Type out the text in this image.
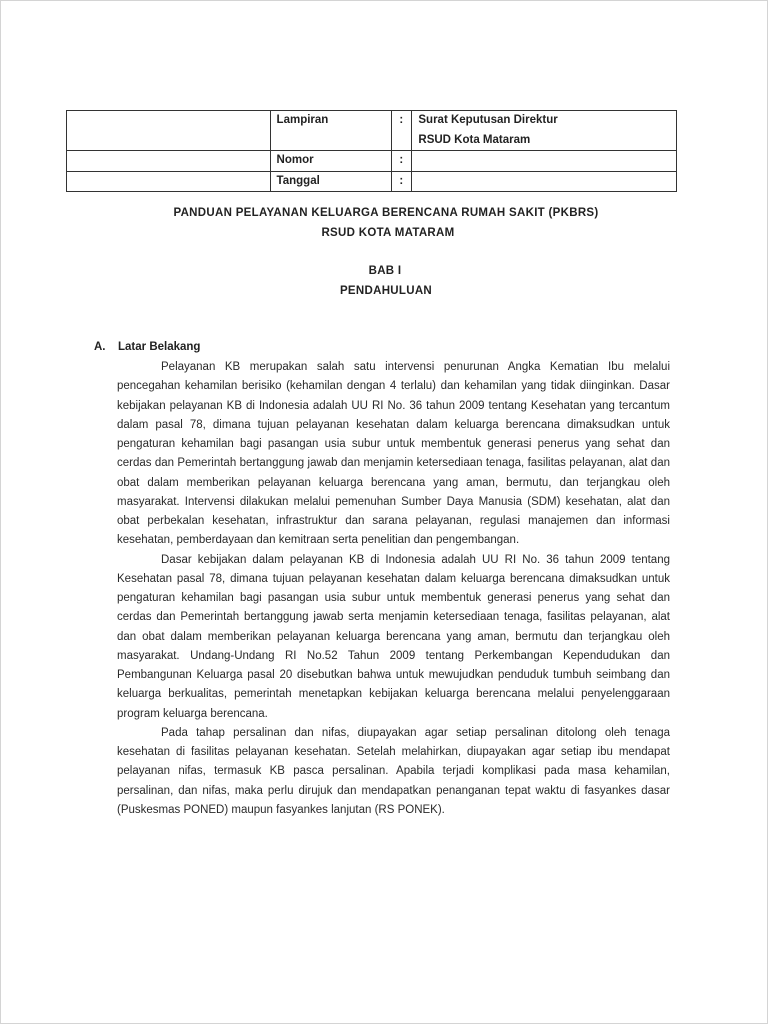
	Lampiran	:	Surat Keputusan Direktur
RSUD Kota Mataram

	Nomor	:	
	Tanggal	:	
PANDUAN PELAYANAN KELUARGA BERENCANA RUMAH SAKIT (PKBRS)
RSUD KOTA MATARAM
BAB I
PENDAHULUAN
A. Latar Belakang

Pelayanan KB merupakan salah satu intervensi penurunan Angka Kematian Ibu melalui pencegahan kehamilan berisiko (kehamilan dengan 4 terlalu) dan kehamilan yang tidak diinginkan. Dasar kebijakan pelayanan KB di Indonesia adalah UU RI No. 36 tahun 2009 tentang Kesehatan yang tercantum dalam pasal 78, dimana tujuan pelayanan kesehatan dalam keluarga berencana dimaksudkan untuk pengaturan kehamilan bagi pasangan usia subur untuk membentuk generasi penerus yang sehat dan cerdas dan Pemerintah bertanggung jawab dan menjamin ketersediaan tenaga, fasilitas pelayanan, alat dan obat dalam memberikan pelayanan keluarga berencana yang aman, bermutu, dan terjangkau oleh masyarakat. Intervensi dilakukan melalui pemenuhan Sumber Daya Manusia (SDM) kesehatan, alat dan obat perbekalan kesehatan, infrastruktur dan sarana pelayanan, regulasi manajemen dan informasi kesehatan, pemberdayaan dan kemitraan serta penelitian dan pengembangan.

Dasar kebijakan dalam pelayanan KB di Indonesia adalah UU RI No. 36 tahun 2009 tentang Kesehatan pasal 78, dimana tujuan pelayanan kesehatan dalam keluarga berencana dimaksudkan untuk pengaturan kehamilan bagi pasangan usia subur untuk membentuk generasi penerus yang sehat dan cerdas dan Pemerintah bertanggung jawab serta menjamin ketersediaan tenaga, fasilitas pelayanan, alat dan obat dalam memberikan pelayanan keluarga berencana yang aman, bermutu dan terjangkau oleh masyarakat. Undang-Undang RI No.52 Tahun 2009 tentang Perkembangan Kependudukan dan Pembangunan Keluarga pasal 20 disebutkan bahwa untuk mewujudkan penduduk tumbuh seimbang dan keluarga berkualitas, pemerintah menetapkan kebijakan keluarga berencana melalui penyelenggaraan program keluarga berencana.

Pada tahap persalinan dan nifas, diupayakan agar setiap persalinan ditolong oleh tenaga kesehatan di fasilitas pelayanan kesehatan. Setelah melahirkan, diupayakan agar setiap ibu mendapat pelayanan nifas, termasuk KB pasca persalinan. Apabila terjadi komplikasi pada masa kehamilan, persalinan, dan nifas, maka perlu dirujuk dan mendapatkan penanganan tepat waktu di fasyankes dasar (Puskesmas PONED) maupun fasyankes lanjutan (RS PONEK).
